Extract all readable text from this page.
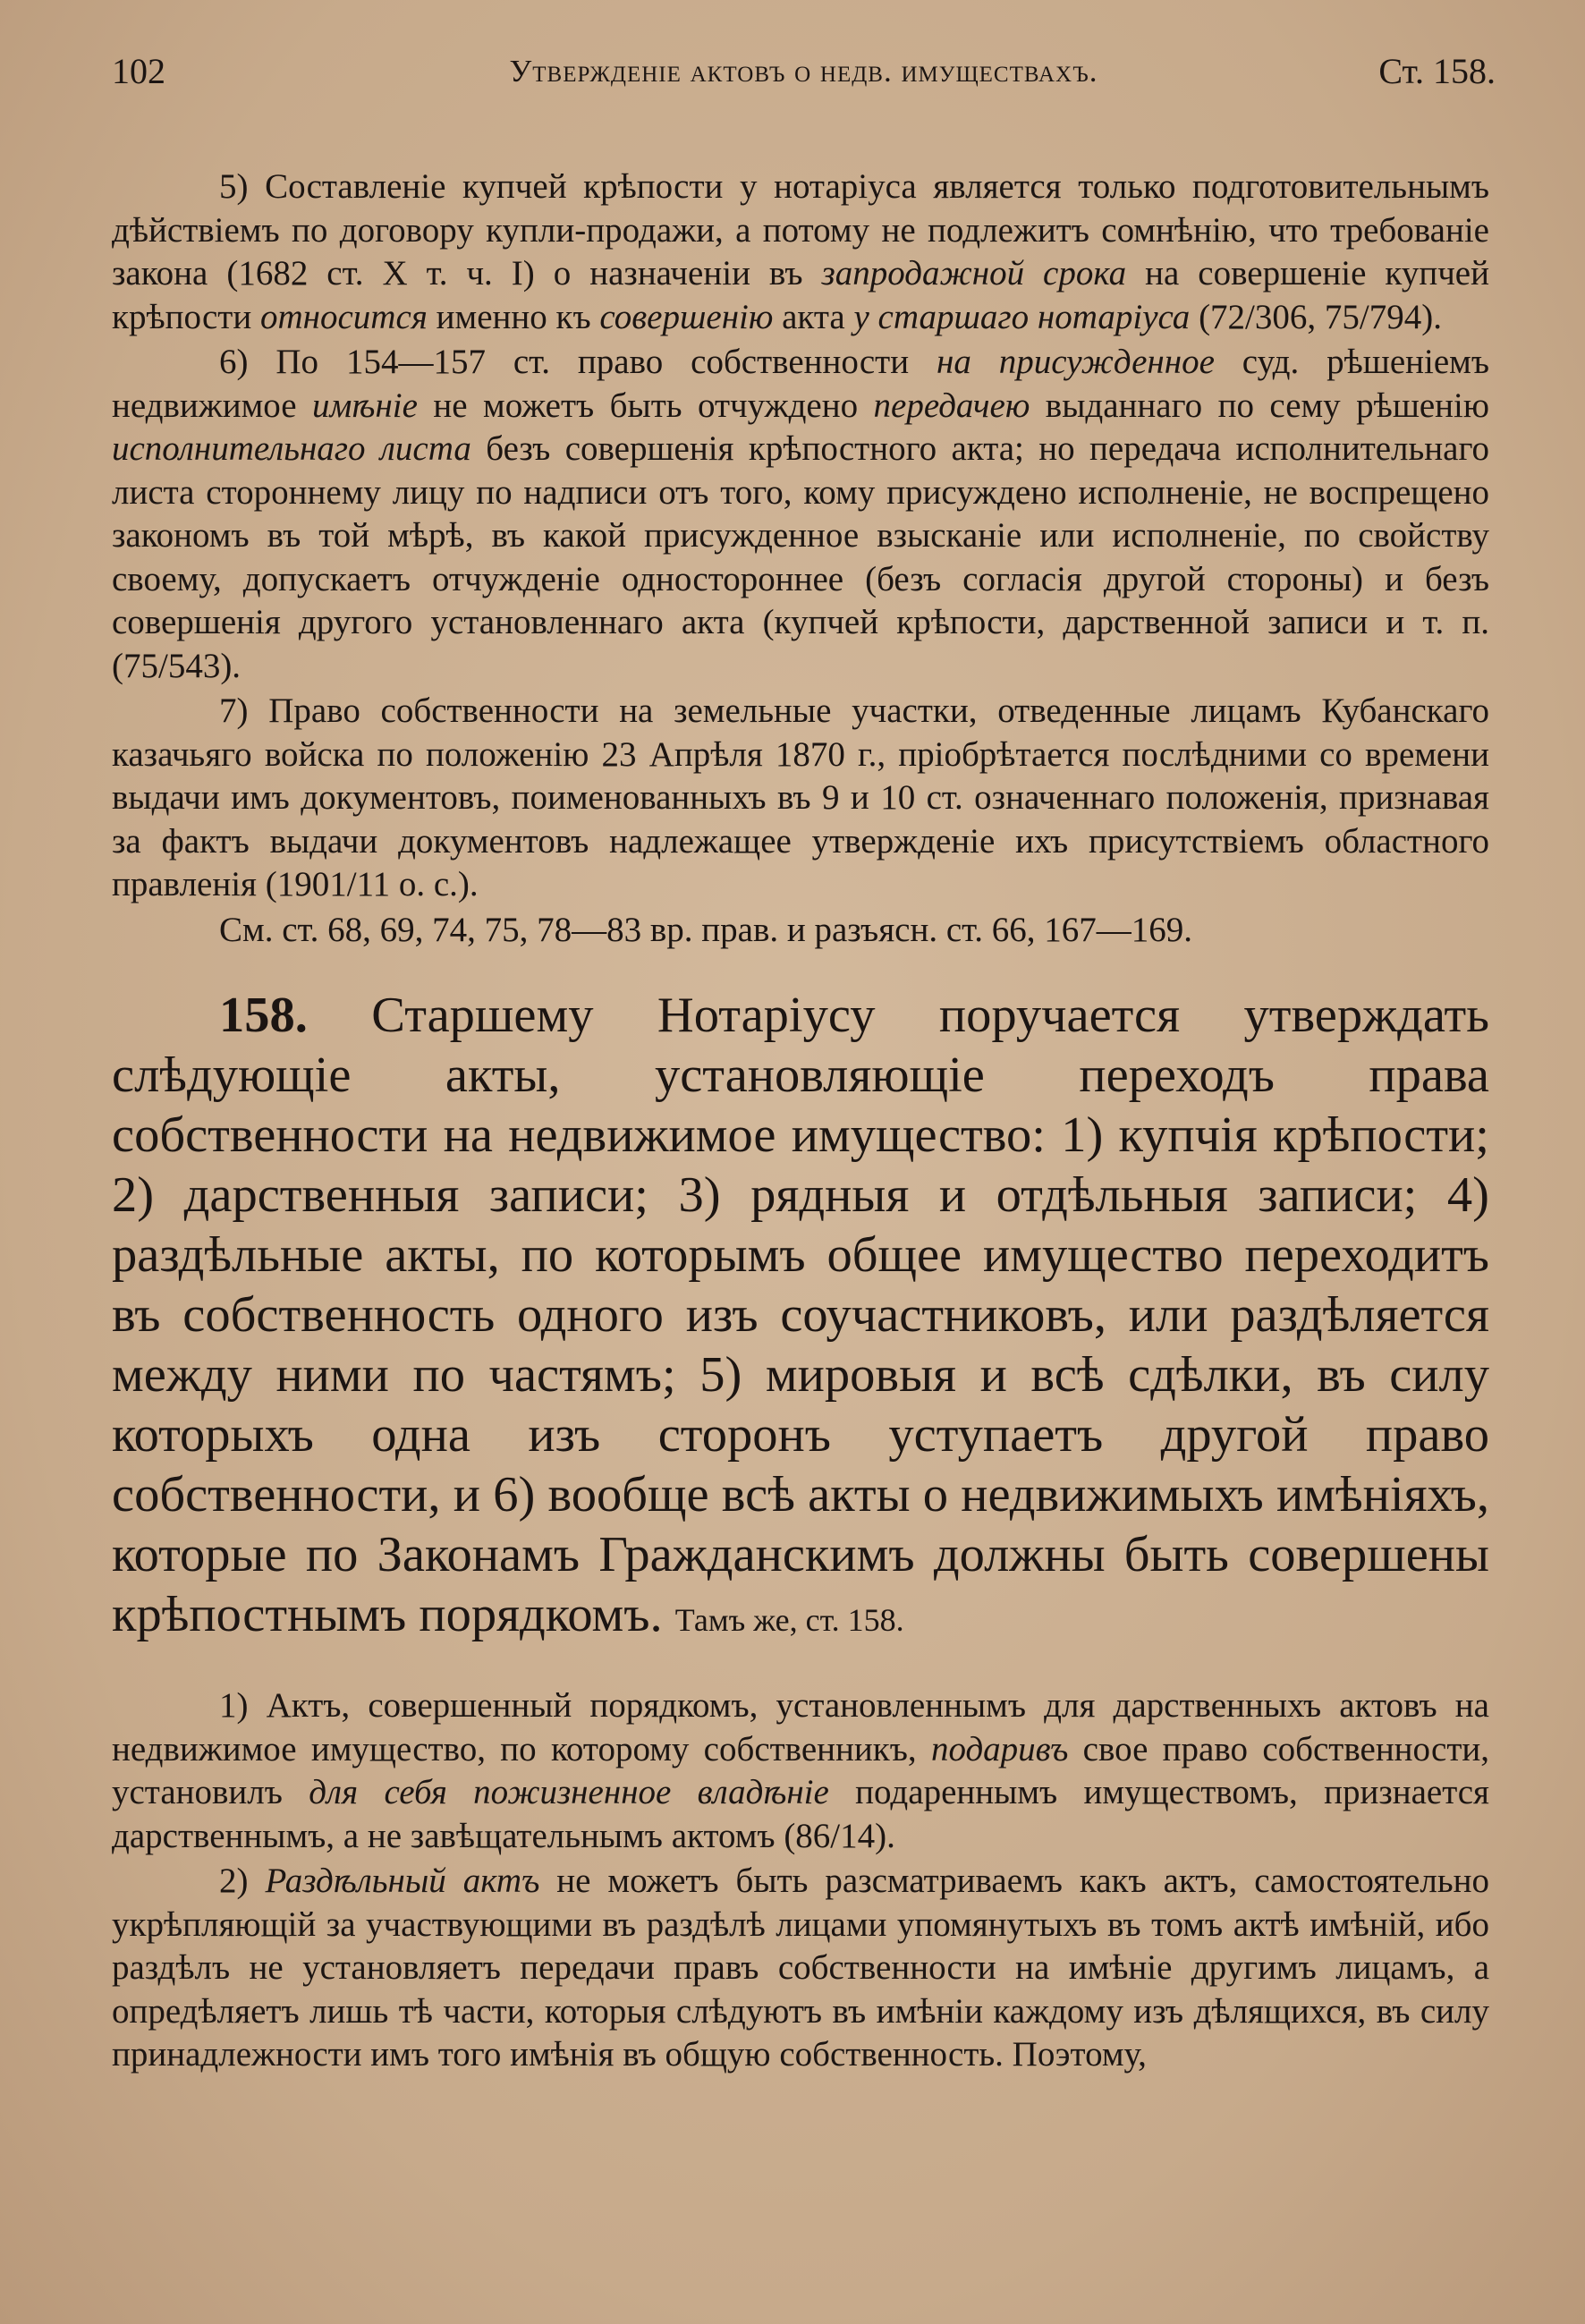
102	Утвержденіе актовъ о недв. имуществахъ.	Ст. 158.

5) Составленіе купчей крѣпости у нотаріуса является только подготовительнымъ дѣйствіемъ по договору купли-продажи, а потому не подлежитъ сомнѣнію, что требованіе закона (1682 ст. Х т. ч. I) о назначеніи въ запродажной срока на совершеніе купчей крѣпости относится именно къ совершенію акта у старшаго нотаріуса (72/306, 75/794).

6) По 154—157 ст. право собственности на присужденное суд. рѣшеніемъ недвижимое имѣніе не можетъ быть отчуждено передачею выданнаго по сему рѣшенію исполнительнаго листа безъ совершенія крѣпостного акта; но передача исполнительнаго листа стороннему лицу по надписи отъ того, кому присуждено исполненіе, не воспрещено закономъ въ той мѣрѣ, въ какой присужденное взысканіе или исполненіе, по свойству своему, допускаетъ отчужденіе одностороннее (безъ согласія другой стороны) и безъ совершенія другого установленнаго акта (купчей крѣпости, дарственной записи и т. п. (75/543).

7) Право собственности на земельные участки, отведенные лицамъ Кубанскаго казачьяго войска по положенію 23 Апрѣля 1870 г., пріобрѣтается послѣдними со времени выдачи имъ документовъ, поименованныхъ въ 9 и 10 ст. означеннаго положенія, признавая за фактъ выдачи документовъ надлежащее утвержденіе ихъ присутствіемъ областного правленія (1901/11 о. с.).

См. ст. 68, 69, 74, 75, 78—83 вр. прав. и разъясн. ст. 66, 167—169.

158. Старшему Нотаріусу поручается утверждать слѣдующіе акты, установляющіе переходъ права собственности на недвижимое имущество: 1) купчія крѣпости; 2) дарственныя записи; 3) рядныя и отдѣльныя записи; 4) раздѣльные акты, по которымъ общее имущество переходитъ въ собственность одного изъ соучастниковъ, или раздѣляется между ними по частямъ; 5) мировыя и всѣ сдѣлки, въ силу которыхъ одна изъ сторонъ уступаетъ другой право собственности, и 6) вообще всѣ акты о недвижимыхъ имѣніяхъ, которые по Законамъ Гражданскимъ должны быть совершены крѣпостнымъ порядкомъ. Тамъ же, ст. 158.

1) Актъ, совершенный порядкомъ, установленнымъ для дарственныхъ актовъ на недвижимое имущество, по которому собственникъ, подаривъ свое право собственности, установилъ для себя пожизненное владѣніе подареннымъ имуществомъ, признается дарственнымъ, а не завѣщательнымъ актомъ (86/14).

2) Раздѣльный актъ не можетъ быть разсматриваемъ какъ актъ, самостоятельно укрѣпляющій за участвующими въ раздѣлѣ лицами упомянутыхъ въ томъ актѣ имѣній, ибо раздѣлъ не установляетъ передачи правъ собственности на имѣніе другимъ лицамъ, а опредѣляетъ лишь тѣ части, которыя слѣдуютъ въ имѣніи каждому изъ дѣлящихся, въ силу принадлежности имъ того имѣнія въ общую собственность. Поэтому,
